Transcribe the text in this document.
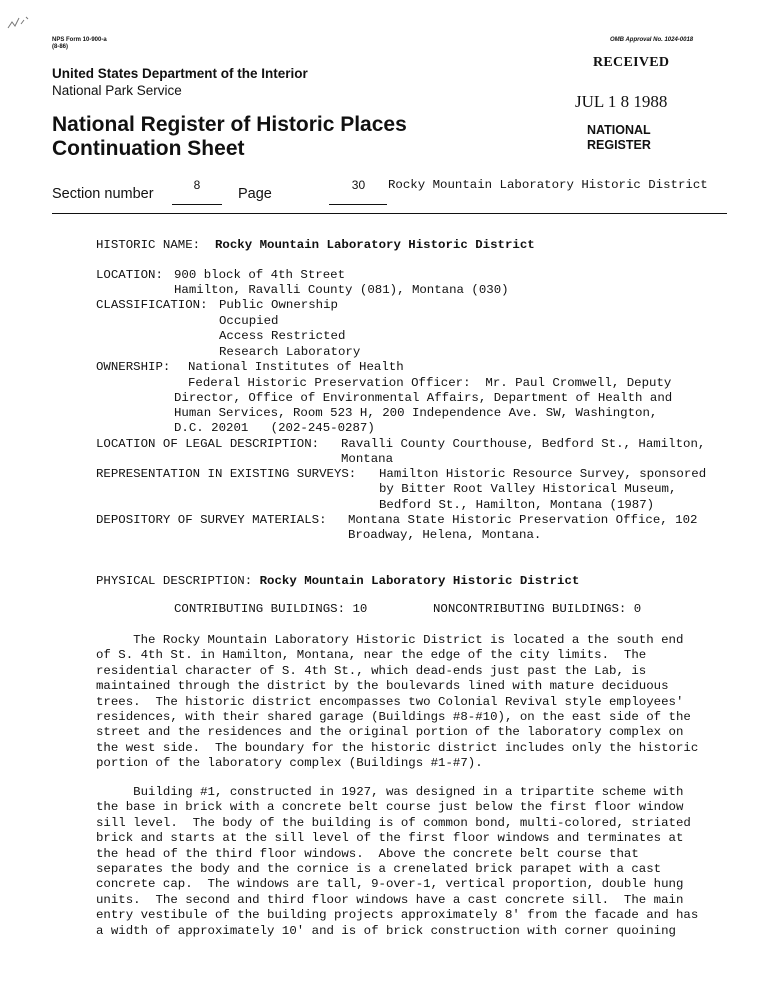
NPS Form 10-900-a
(8-86)
OMB Approval No. 1024-0018
United States Department of the Interior
National Park Service
National Register of Historic Places
Continuation Sheet
RECEIVED
JUL 1 8 1988
NATIONAL
REGISTER
Section number
8
Page
30 Rocky Mountain Laboratory Historic District
HISTORIC NAME: Rocky Mountain Laboratory Historic District
LOCATION: 900 block of 4th Street
Hamilton, Ravalli County (081), Montana (030)
CLASSIFICATION: Public Ownership
Occupied
Access Restricted
Research Laboratory
OWNERSHIP: National Institutes of Health
Federal Historic Preservation Officer:  Mr. Paul Cromwell, Deputy
Director, Office of Environmental Affairs, Department of Health and
Human Services, Room 523 H, 200 Independence Ave. SW, Washington,
D.C. 20201   (202-245-0287)
LOCATION OF LEGAL DESCRIPTION: Ravalli County Courthouse, Bedford St., Hamilton,
Montana
REPRESENTATION IN EXISTING SURVEYS: Hamilton Historic Resource Survey, sponsored
by Bitter Root Valley Historical Museum,
Bedford St., Hamilton, Montana (1987)
DEPOSITORY OF SURVEY MATERIALS: Montana State Historic Preservation Office, 102
Broadway, Helena, Montana.
PHYSICAL DESCRIPTION: Rocky Mountain Laboratory Historic District
CONTRIBUTING BUILDINGS: 10	NONCONTRIBUTING BUILDINGS: 0
The Rocky Mountain Laboratory Historic District is located a the south end
of S. 4th St. in Hamilton, Montana, near the edge of the city limits.  The
residential character of S. 4th St., which dead-ends just past the Lab, is
maintained through the district by the boulevards lined with mature deciduous
trees.  The historic district encompasses two Colonial Revival style employees'
residences, with their shared garage (Buildings #8-#10), on the east side of the
street and the residences and the original portion of the laboratory complex on
the west side.  The boundary for the historic district includes only the historic
portion of the laboratory complex (Buildings #1-#7).
Building #1, constructed in 1927, was designed in a tripartite scheme with
the base in brick with a concrete belt course just below the first floor window
sill level.  The body of the building is of common bond, multi-colored, striated
brick and starts at the sill level of the first floor windows and terminates at
the head of the third floor windows.  Above the concrete belt course that
separates the body and the cornice is a crenelated brick parapet with a cast
concrete cap.  The windows are tall, 9-over-1, vertical proportion, double hung
units.  The second and third floor windows have a cast concrete sill.  The main
entry vestibule of the building projects approximately 8' from the facade and has
a width of approximately 10' and is of brick construction with corner quoining
